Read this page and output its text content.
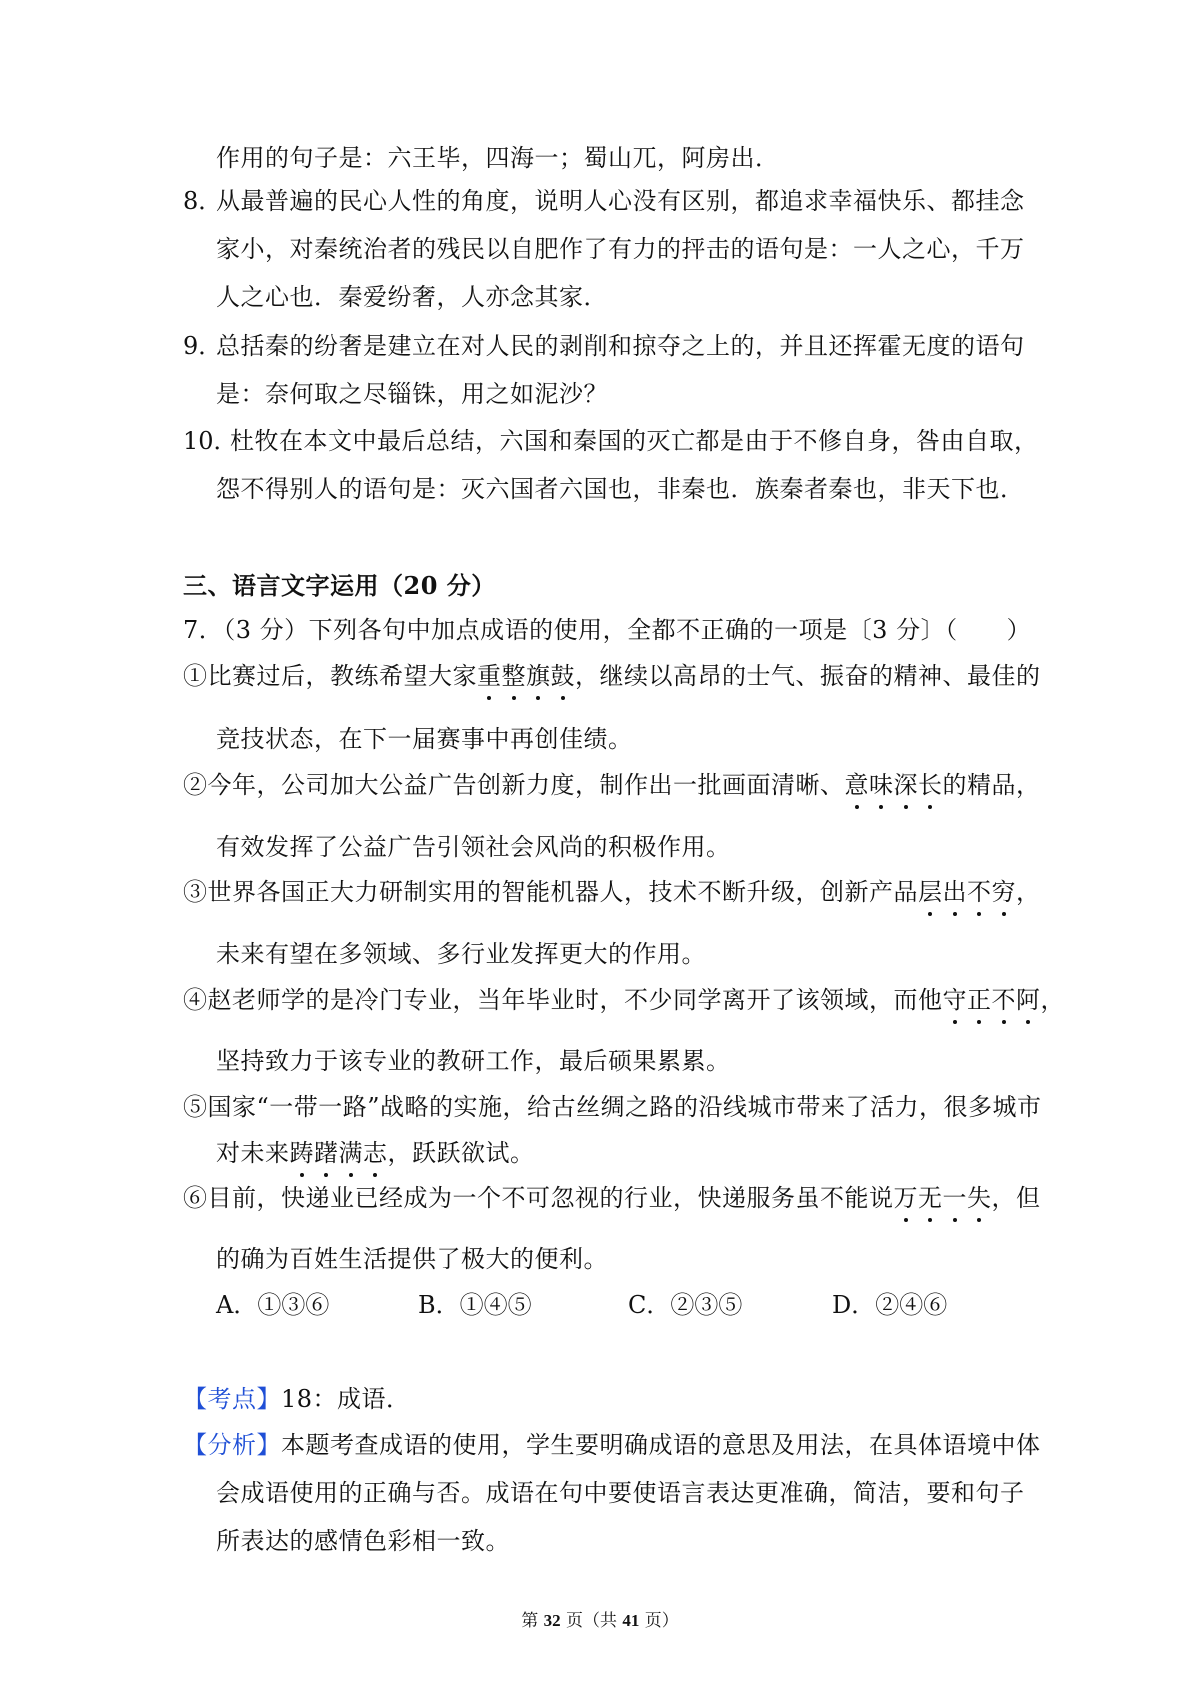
作用的句子是：六王毕，四海一；蜀山兀，阿房出．
8．
从最普遍的民心人性的角度，说明人心没有区别，都追求幸福快乐、都挂念
家小，对秦统治者的残民以自肥作了有力的抨击的语句是：一人之心，千万
人之心也．秦爱纷奢，人亦念其家．
9．
总括秦的纷奢是建立在对人民的剥削和掠夺之上的，并且还挥霍无度的语句
是：奈何取之尽锱铢，用之如泥沙？
10．
杜牧在本文中最后总结，六国和秦国的灭亡都是由于不修自身，咎由自取，
怨不得别人的语句是：灭六国者六国也，非秦也．族秦者秦也，非天下也．
三、语言文字运用（20 分）
7．（3 分）下列各句中加点成语的使用，全都不正确的一项是〔3 分〕（　　）
①比赛过后，教练希望大家重整旗鼓，继续以高昂的士气、振奋的精神、最佳的
竞技状态，在下一届赛事中再创佳绩。
②今年，公司加大公益广告创新力度，制作出一批画面清晰、意味深长的精品，
有效发挥了公益广告引领社会风尚的积极作用。
③世界各国正大力研制实用的智能机器人，技术不断升级，创新产品层出不穷，
未来有望在多领域、多行业发挥更大的作用。
④赵老师学的是冷门专业，当年毕业时，不少同学离开了该领域，而他守正不阿，
坚持致力于该专业的教研工作，最后硕果累累。
⑤国家“一带一路”战略的实施，给古丝绸之路的沿线城市带来了活力，很多城市
对未来踌躇满志，跃跃欲试。
⑥目前，快递业已经成为一个不可忽视的行业，快递服务虽不能说万无一失，但
的确为百姓生活提供了极大的便利。
A．①③⑥	B．①④⑤	C．②③⑤	D．②④⑥
【考点】18：成语．
【分析】本题考查成语的使用，学生要明确成语的意思及用法，在具体语境中体
会成语使用的正确与否。成语在句中要使语言表达更准确，简洁，要和句子
所表达的感情色彩相一致。
第 32 页（共 41 页）
